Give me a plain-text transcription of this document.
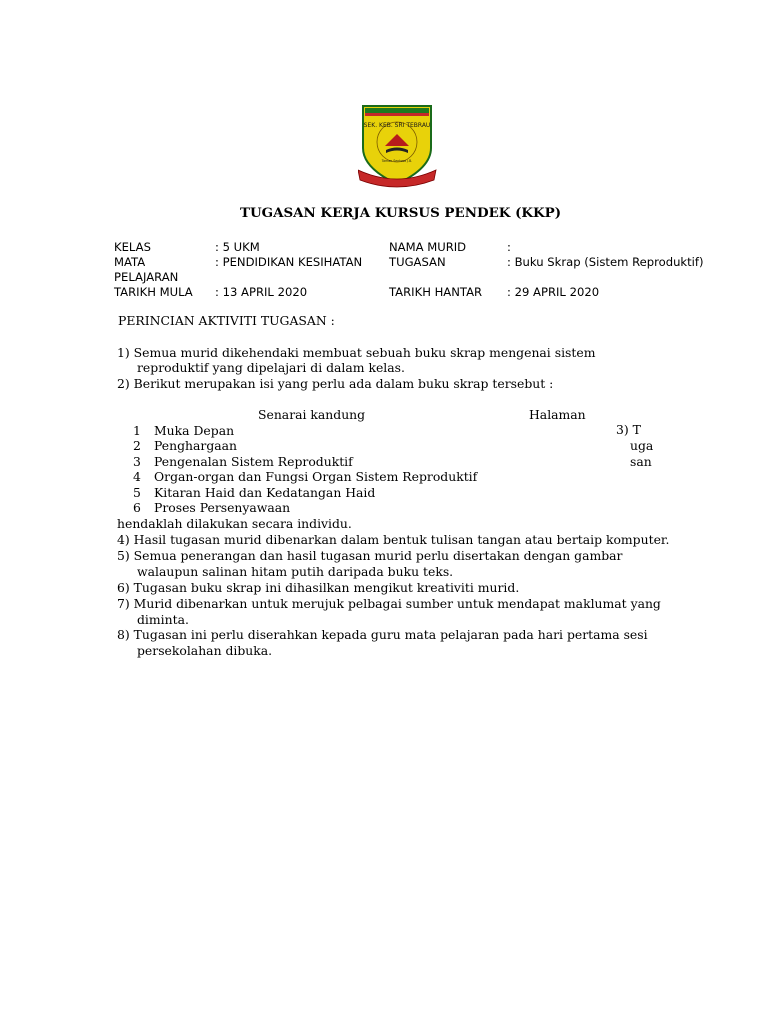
SEK. KEB. SRI TEBRAU
Taman Sentosa J.B.
TUGASAN KERJA KURSUS PENDEK (KKP)
KELAS	: 5 UKM	NAMA MURID	:
MATA	: PENDIDIKAN KESIHATAN TUGASAN	: Buku Skrap (Sistem Reproduktif)
PELAJARAN
TARIKH MULA : 13 APRIL 2020	TARIKH HANTAR : 29 APRIL 2020
PERINCIAN AKTIVITI TUGASAN :
1) Semua murid dikehendaki membuat sebuah buku skrap mengenai sistem
reproduktif yang dipelajari di dalam kelas.
2) Berikut merupakan isi yang perlu ada dalam buku skrap tersebut :
Senarai kandung	Halaman
1 Muka Depan
2 Penghargaan
3 Pengenalan Sistem Reproduktif
4 Organ-organ dan Fungsi Organ Sistem Reproduktif
5 Kitaran Haid dan Kedatangan Haid
6 Proses Persenyawaan
3) T
uga
san
hendaklah dilakukan secara individu.
4) Hasil tugasan murid dibenarkan dalam bentuk tulisan tangan atau bertaip komputer.
5) Semua penerangan dan hasil tugasan murid perlu disertakan dengan gambar
walaupun salinan hitam putih daripada buku teks.
6) Tugasan buku skrap ini dihasilkan mengikut kreativiti murid.
7) Murid dibenarkan untuk merujuk pelbagai sumber untuk mendapat maklumat yang
diminta.
8) Tugasan ini perlu diserahkan kepada guru mata pelajaran pada hari pertama sesi
persekolahan dibuka.
